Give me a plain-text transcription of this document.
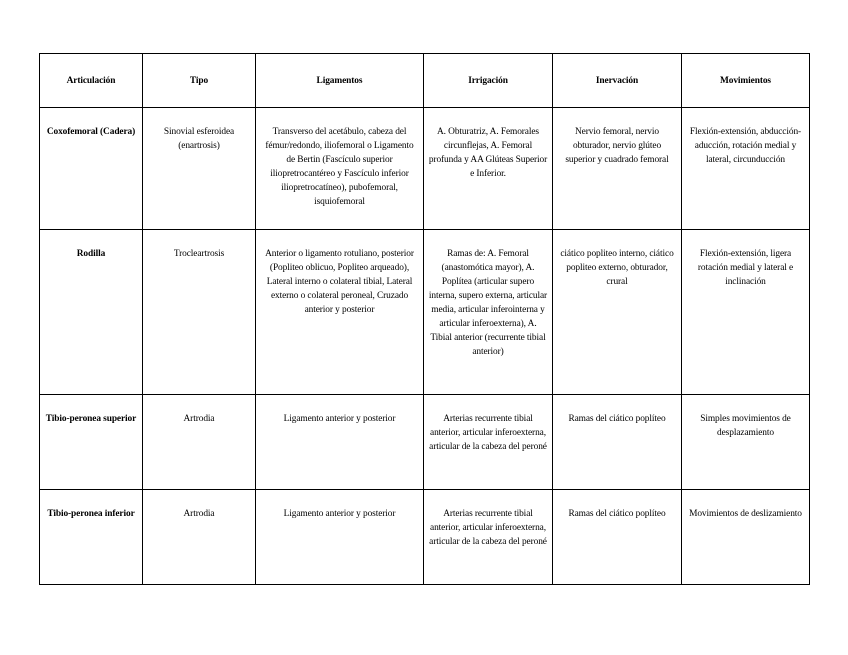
Articulación	Tipo	Ligamentos	Irrigación	Inervación	Movimientos
Coxofemoral (Cadera)	Sinovial esferoidea (enartrosis)	Transverso del acetábulo, cabeza del fémur/redondo, iliofemoral o Ligamento de Bertin (Fascículo superior iliopretrocantéreo y Fascículo inferior iliopretrocatíneo), pubofemoral, isquiofemoral	A. Obturatriz, A. Femorales circunflejas, A. Femoral profunda y AA Glúteas Superior e Inferior.	Nervio femoral, nervio obturador, nervio glúteo superior y cuadrado femoral	Flexión-extensión, abducción-aducción, rotación medial y lateral, circunducción
Rodilla	Trocleartrosis	Anterior o ligamento rotuliano, posterior (Popliteo oblicuo, Popliteo arqueado), Lateral interno o colateral tibial, Lateral externo o colateral peroneal, Cruzado anterior y posterior	Ramas de: A. Femoral (anastomótica mayor), A. Poplítea (articular supero interna, supero externa, articular media, articular inferointerna y articular inferoexterna), A. Tibial anterior (recurrente tibial anterior)	ciático popliteo interno, ciático popliteo externo, obturador, crural	Flexión-extensión, ligera rotación medial y lateral e inclinación
Tibio-peronea superior	Artrodia	Ligamento anterior y posterior	Arterias recurrente tibial anterior, articular inferoexterna, articular de la cabeza del peroné	Ramas del ciático poplíteo	Simples movimientos de desplazamiento
Tibio-peronea inferior	Artrodia	Ligamento anterior y posterior	Arterias recurrente tibial anterior, articular inferoexterna, articular de la cabeza del peroné	Ramas del ciático poplíteo	Movimientos de deslizamiento
